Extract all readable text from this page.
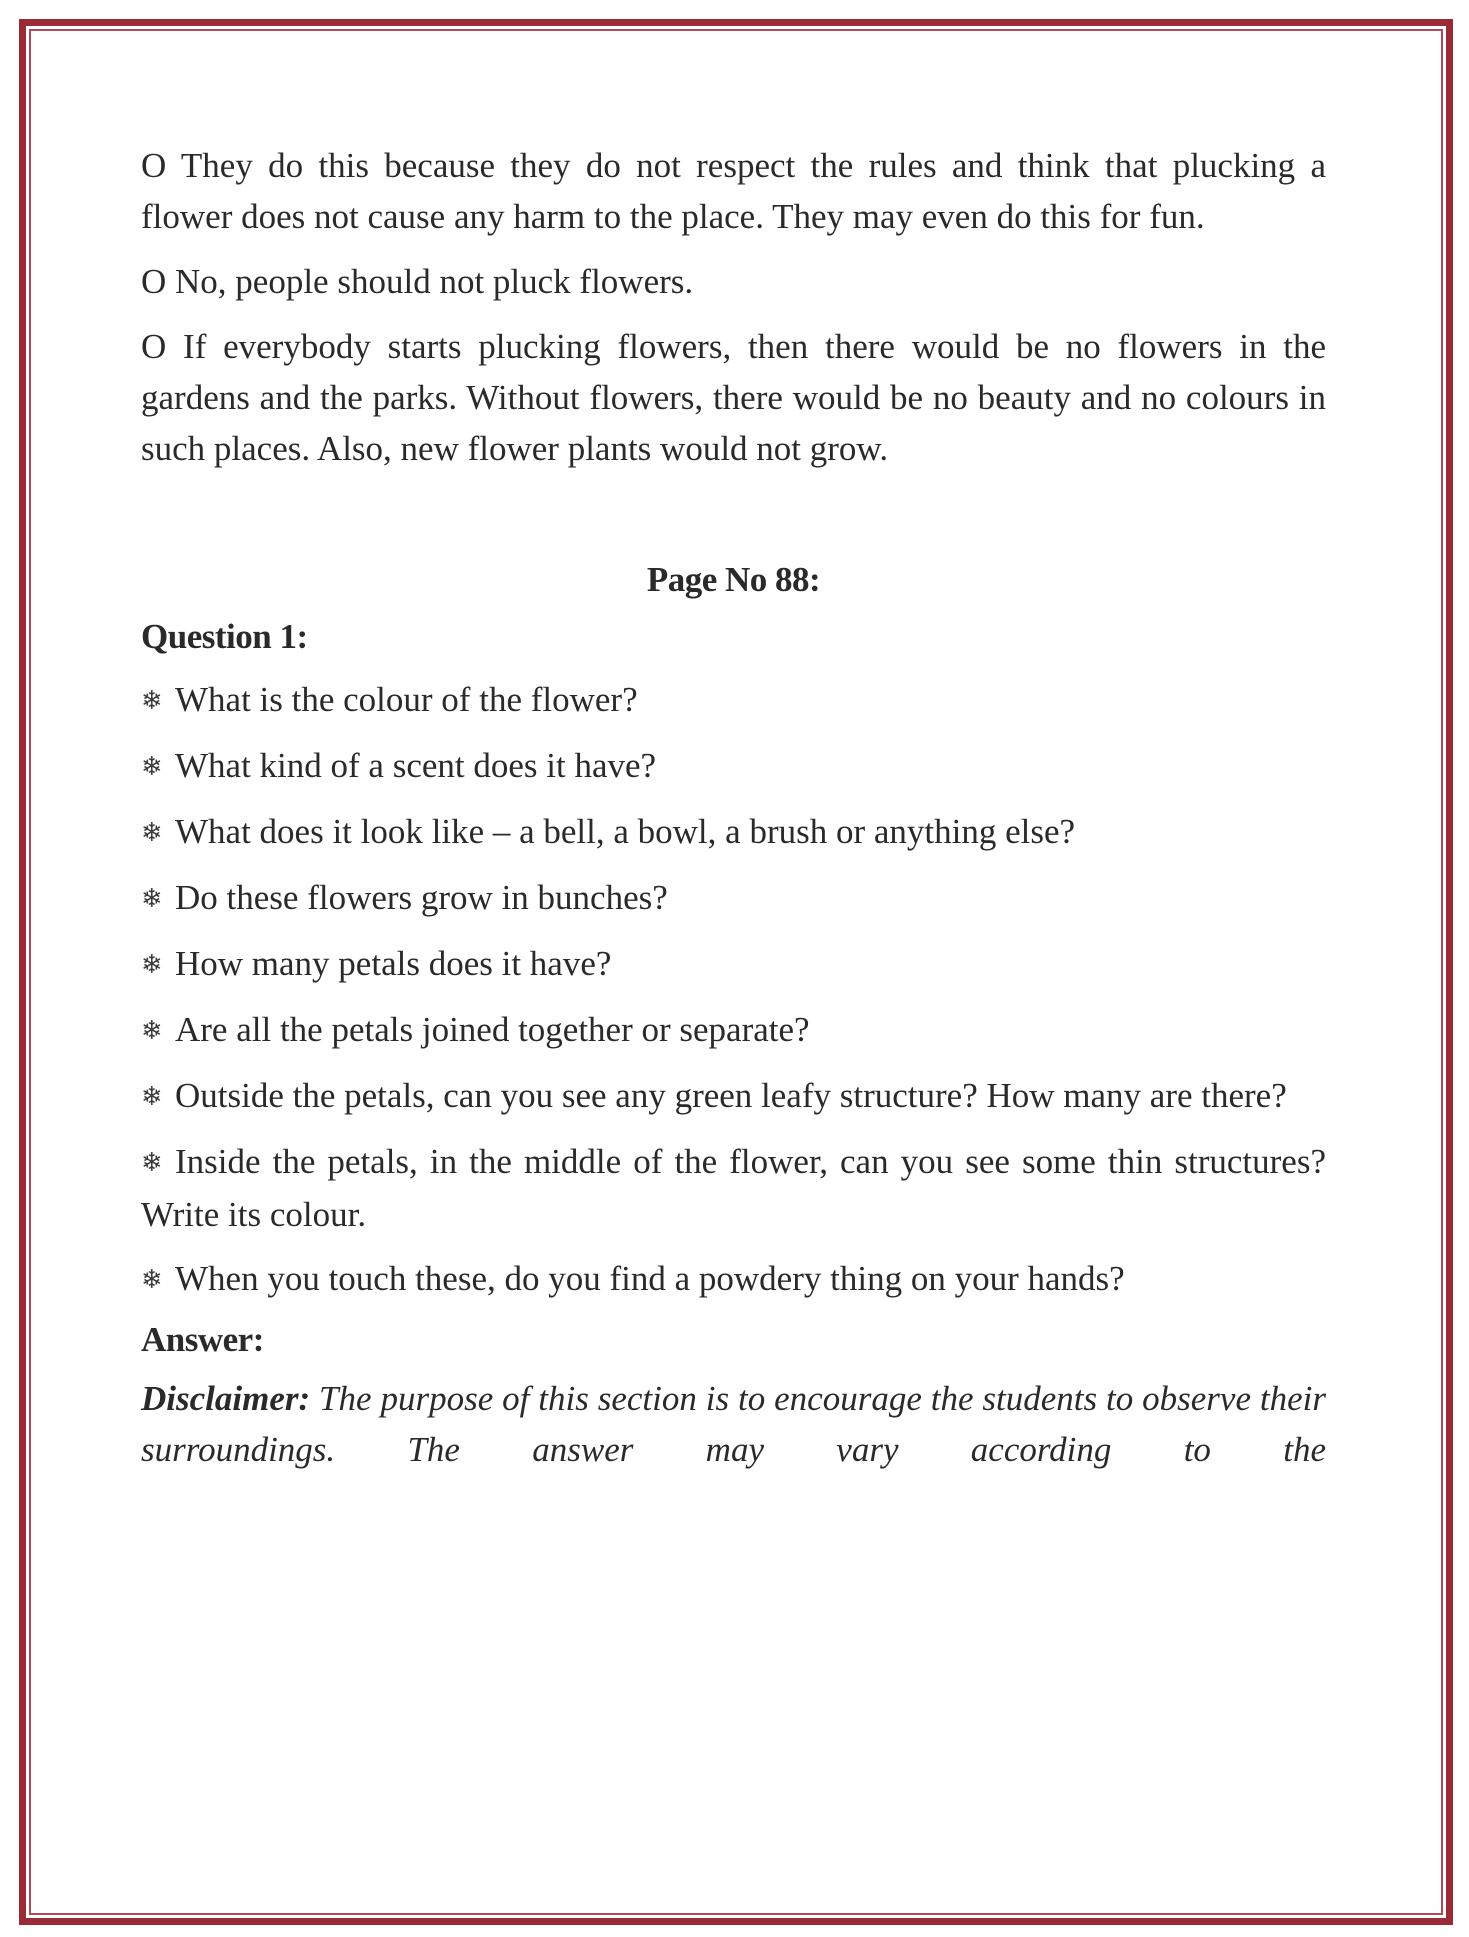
O They do this because they do not respect the rules and think that plucking a flower does not cause any harm to the place. They may even do this for fun.

O No, people should not pluck flowers.

O If everybody starts plucking flowers, then there would be no flowers in the gardens and the parks. Without flowers, there would be no beauty and no colours in such places. Also, new flower plants would not grow.

Page No 88:

Question 1:

❄ What is the colour of the flower?

❄ What kind of a scent does it have?

❄ What does it look like – a bell, a bowl, a brush or anything else?

❄ Do these flowers grow in bunches?

❄ How many petals does it have?

❄ Are all the petals joined together or separate?

❄ Outside the petals, can you see any green leafy structure? How many are there?

❄ Inside the petals, in the middle of the flower, can you see some thin structures? Write its colour.

❄ When you touch these, do you find a powdery thing on your hands?

Answer:

Disclaimer: The purpose of this section is to encourage the students to observe their surroundings. The answer may vary according to the
